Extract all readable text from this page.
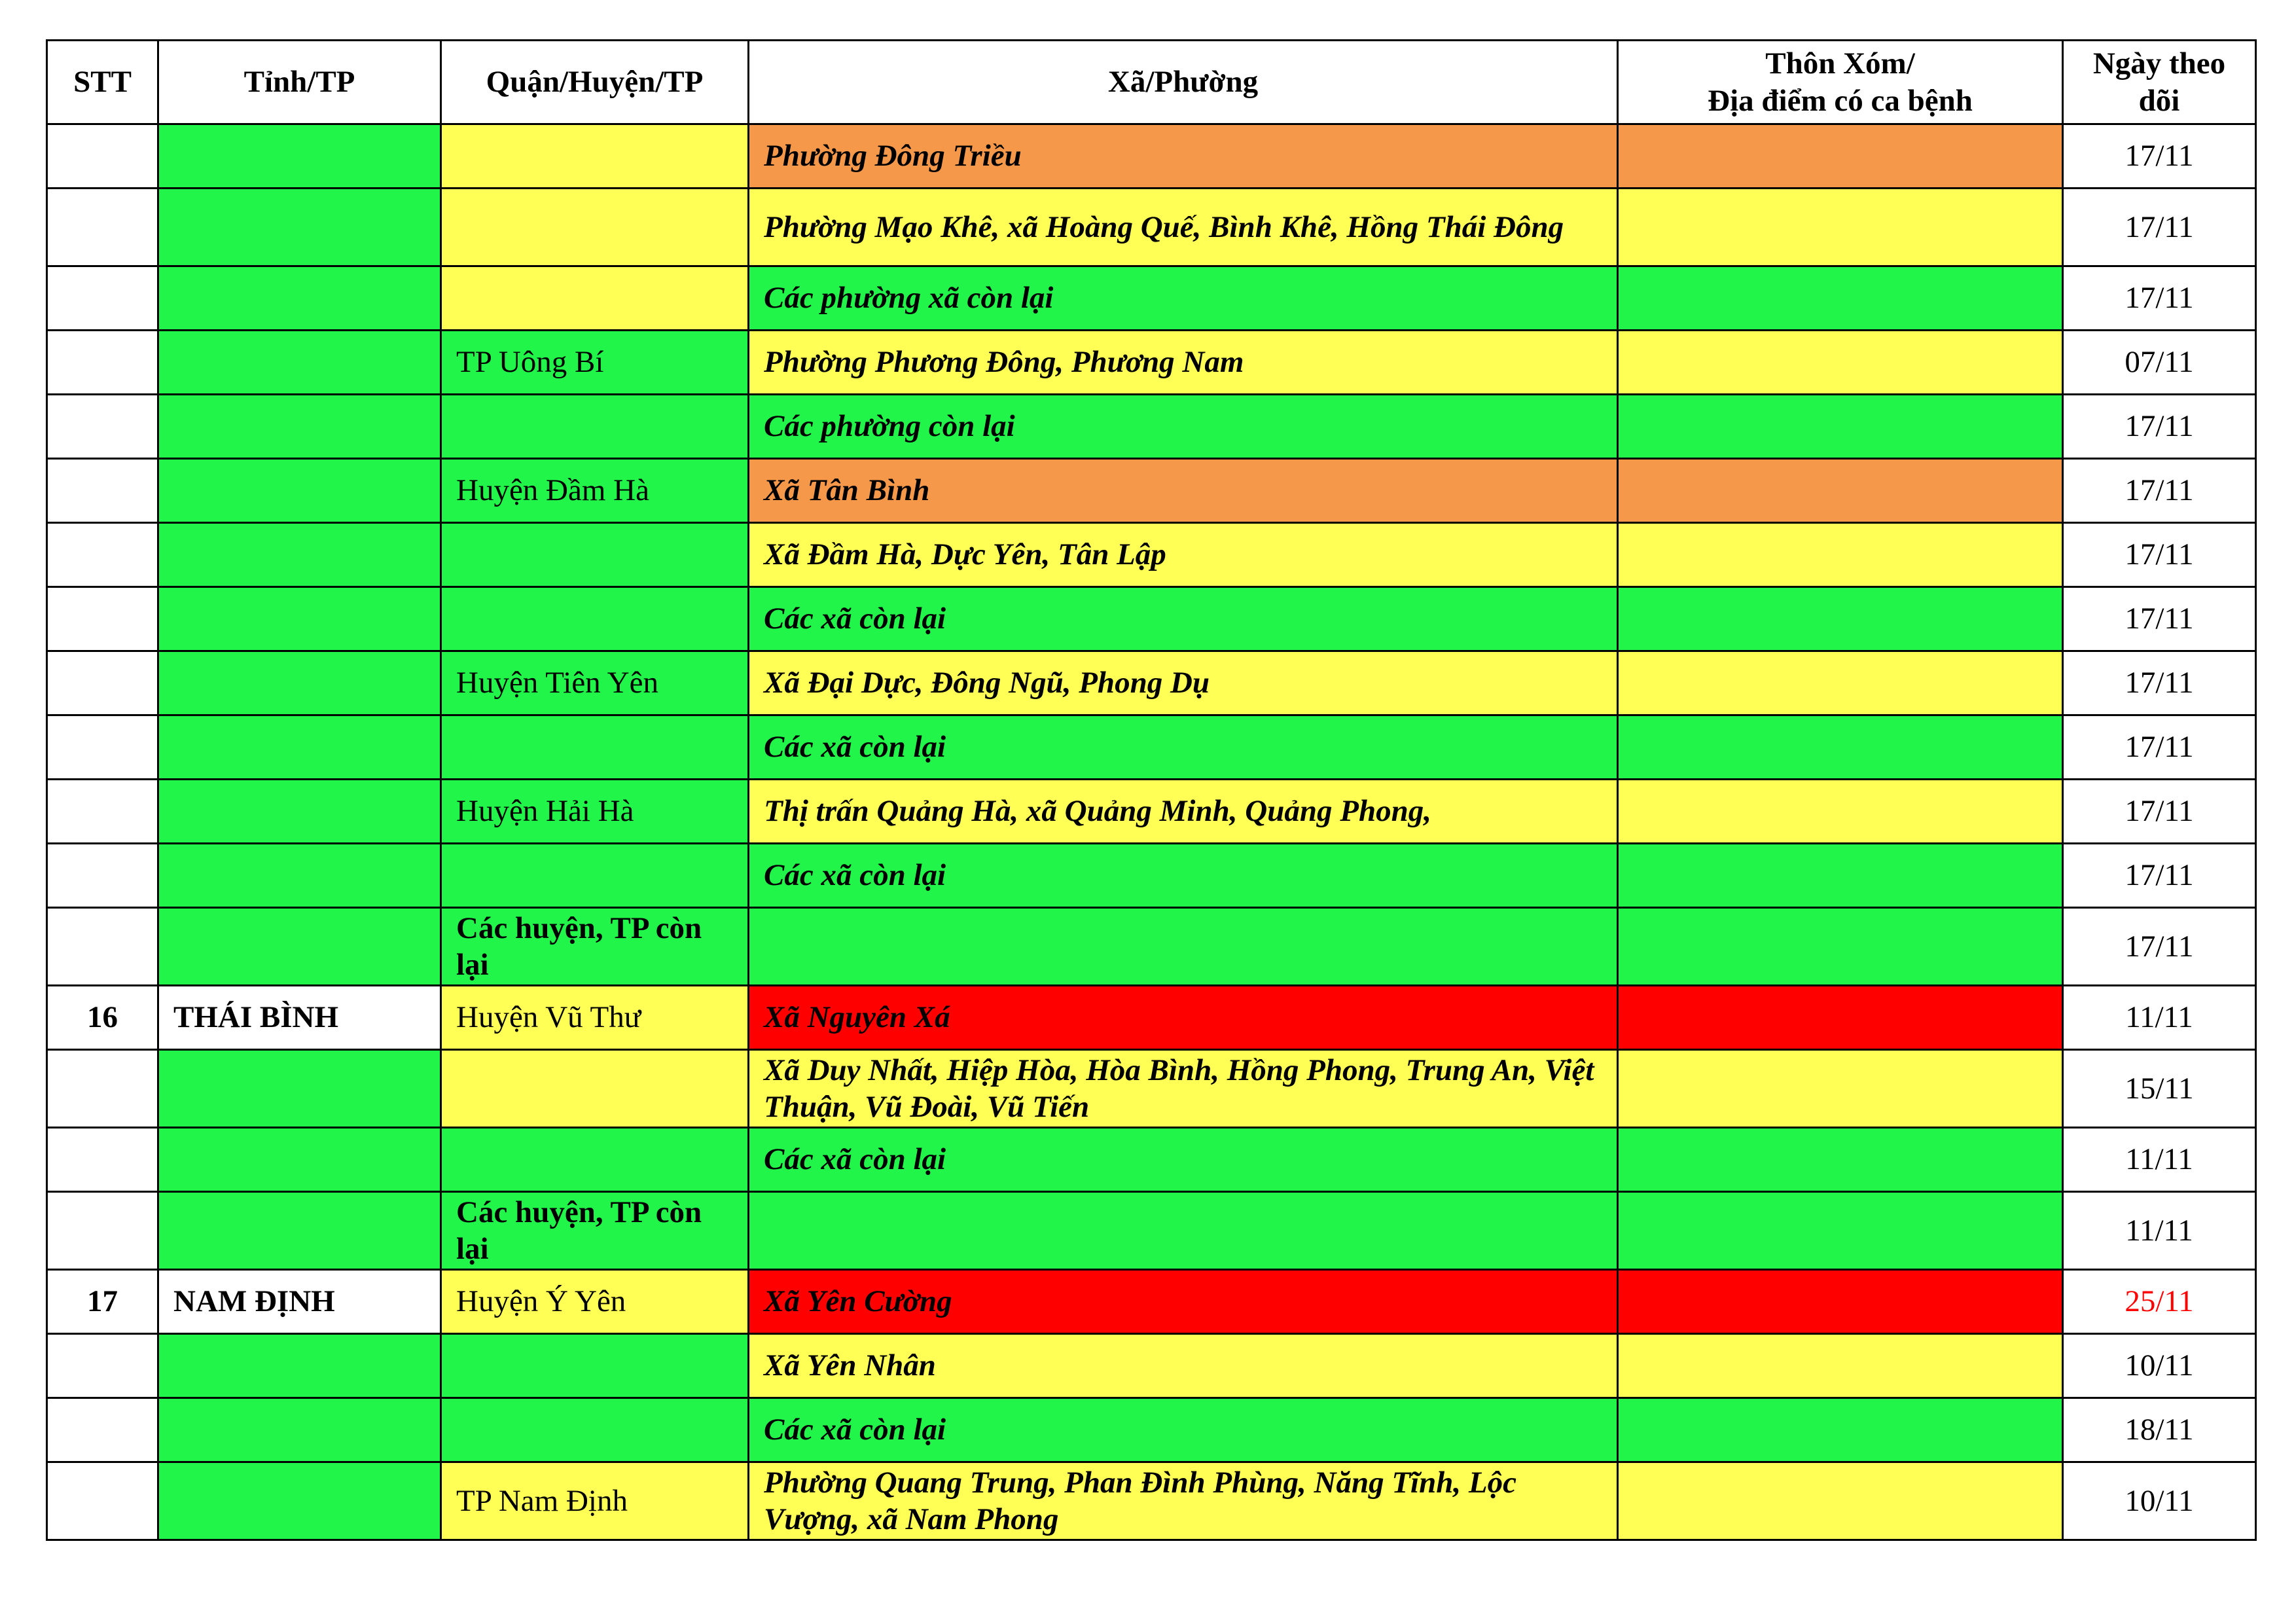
STT	Tỉnh/TP	Quận/Huyện/TP	Xã/Phường	Thôn Xóm/
Địa điểm có ca bệnh	Ngày theo dõi
			Phường Đông Triều		17/11
			Phường Mạo Khê, xã Hoàng Quế, Bình Khê, Hồng Thái Đông		17/11
			Các phường xã còn lại		17/11
		TP Uông Bí	Phường Phương Đông, Phương Nam		07/11
			Các phường còn lại		17/11
		Huyện Đầm Hà	Xã Tân Bình		17/11
			Xã Đầm Hà, Dực Yên, Tân Lập		17/11
			Các xã còn lại		17/11
		Huyện Tiên Yên	Xã Đại Dực, Đông Ngũ, Phong Dụ		17/11
			Các xã còn lại		17/11
		Huyện Hải Hà	Thị trấn Quảng Hà, xã Quảng Minh, Quảng Phong,		17/11
			Các xã còn lại		17/11
		Các huyện, TP còn lại			17/11
16	THÁI BÌNH	Huyện Vũ Thư	Xã Nguyên Xá		11/11
			Xã Duy Nhất, Hiệp Hòa, Hòa Bình, Hồng Phong, Trung An, Việt Thuận, Vũ Đoài, Vũ Tiến		15/11
			Các xã còn lại		11/11
		Các huyện, TP còn lại			11/11
17	NAM ĐỊNH	Huyện Ý Yên	Xã Yên Cường		25/11
			Xã Yên Nhân		10/11
			Các xã còn lại		18/11
		TP Nam Định	Phường Quang Trung, Phan Đình Phùng, Năng Tĩnh, Lộc Vượng, xã Nam Phong		10/11
